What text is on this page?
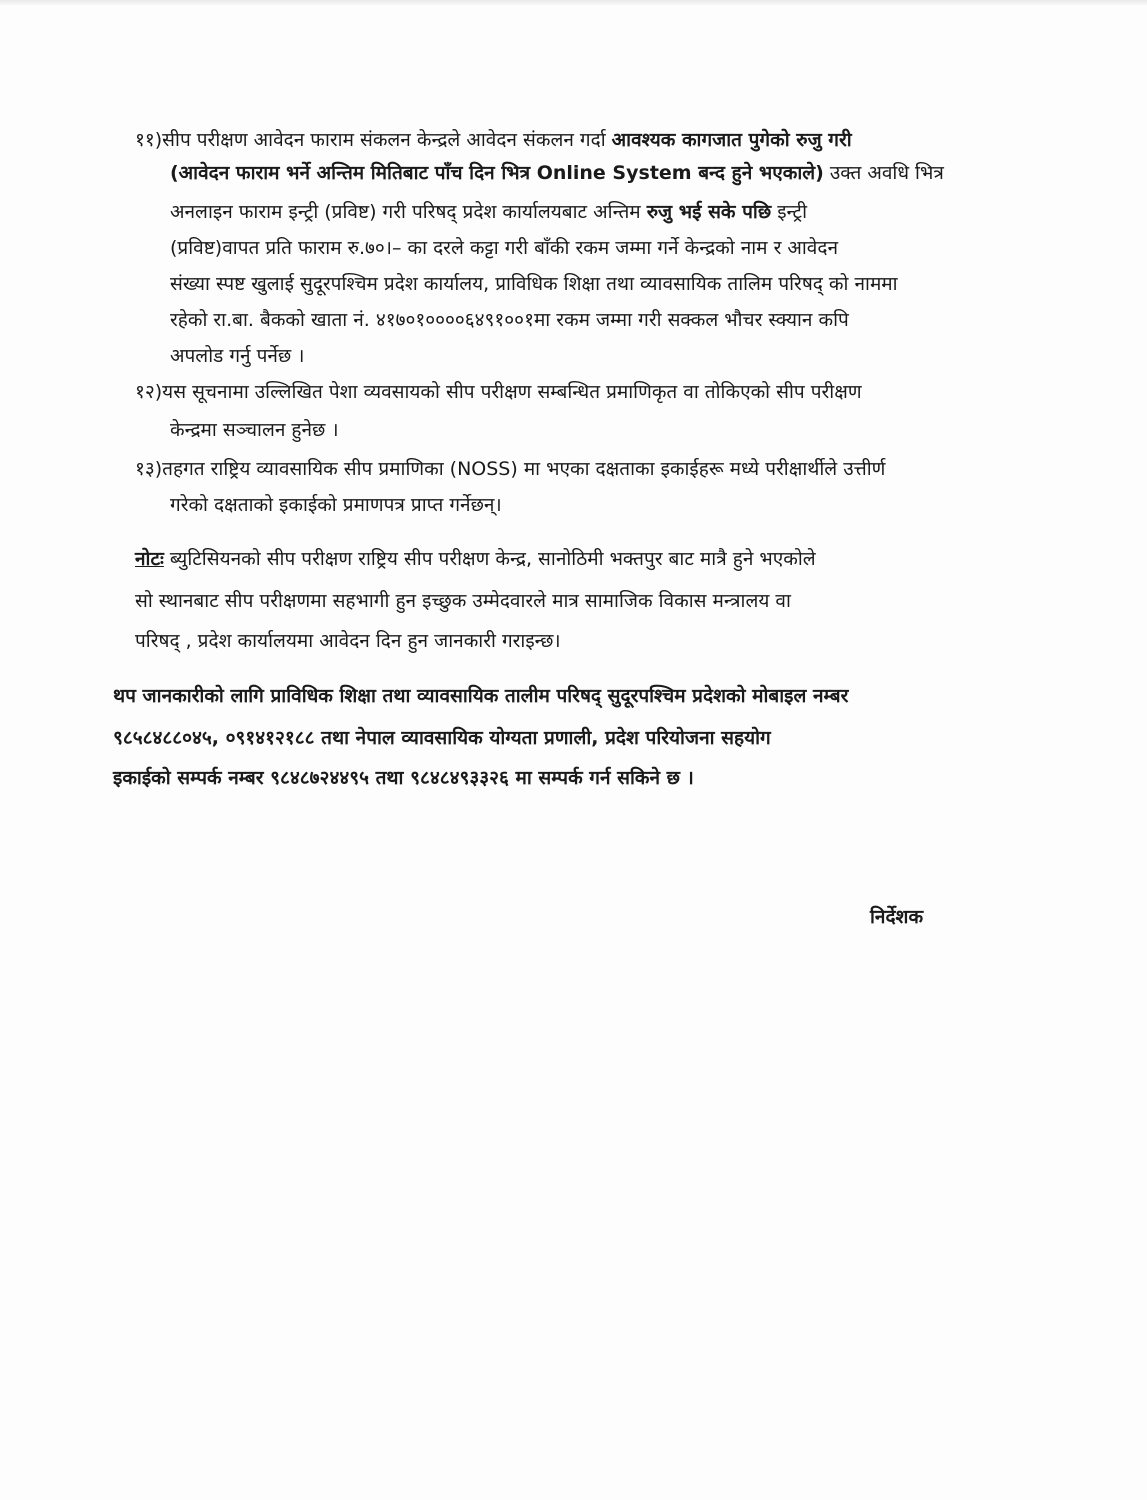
११)सीप परीक्षण आवेदन फाराम संकलन केन्द्रले आवेदन संकलन गर्दा आवश्यक कागजात पुगेको रुजु गरी
(आवेदन फाराम भर्ने अन्तिम मितिबाट पाँच दिन भित्र Online System बन्द हुने भएकाले) उक्त अवधि भित्र
अनलाइन फाराम इन्ट्री (प्रविष्ट) गरी परिषद् प्रदेश कार्यालयबाट अन्तिम रुजु भई सके पछि इन्ट्री
(प्रविष्ट)वापत प्रति फाराम रु.७०।– का दरले कट्टा गरी बाँकी रकम जम्मा गर्ने केन्द्रको नाम र आवेदन
संख्या स्पष्ट खुलाई सुदूरपश्चिम प्रदेश कार्यालय, प्राविधिक शिक्षा तथा व्यावसायिक तालिम परिषद् को नाममा
रहेको रा.बा. बैकको खाता नं. ४१७०१००००६४९१००१मा रकम जम्मा गरी सक्कल भौचर स्क्यान कपि
अपलोड गर्नु पर्नेछ ।
१२)यस सूचनामा उल्लिखित पेशा व्यवसायको सीप परीक्षण सम्बन्धित प्रमाणिकृत वा तोकिएको सीप परीक्षण
केन्द्रमा सञ्चालन हुनेछ ।
१३)तहगत राष्ट्रिय व्यावसायिक सीप प्रमाणिका (NOSS) मा भएका दक्षताका इकाईहरू मध्ये परीक्षार्थीले उत्तीर्ण
गरेको दक्षताको इकाईको प्रमाणपत्र प्राप्त गर्नेछन्।
नोटः ब्युटिसियनको सीप परीक्षण राष्ट्रिय सीप परीक्षण केन्द्र, सानोठिमी भक्तपुर बाट मात्रै हुने भएकोले
सो स्थानबाट सीप परीक्षणमा सहभागी हुन इच्छुक उम्मेदवारले मात्र सामाजिक विकास मन्त्रालय वा
परिषद् , प्रदेश कार्यालयमा आवेदन दिन हुन जानकारी गराइन्छ।
थप जानकारीको लागि प्राविधिक शिक्षा तथा व्यावसायिक तालीम परिषद् सुदूरपश्चिम प्रदेशको मोबाइल नम्बर
९८५८४८८०४५, ०९१४१२१८८ तथा नेपाल व्यावसायिक योग्यता प्रणाली, प्रदेश परियोजना सहयोग
इकाईको सम्पर्क नम्बर ९८४८७२४४९५ तथा ९८४८४९३३२६ मा सम्पर्क गर्न सकिने छ ।
निर्देशक
